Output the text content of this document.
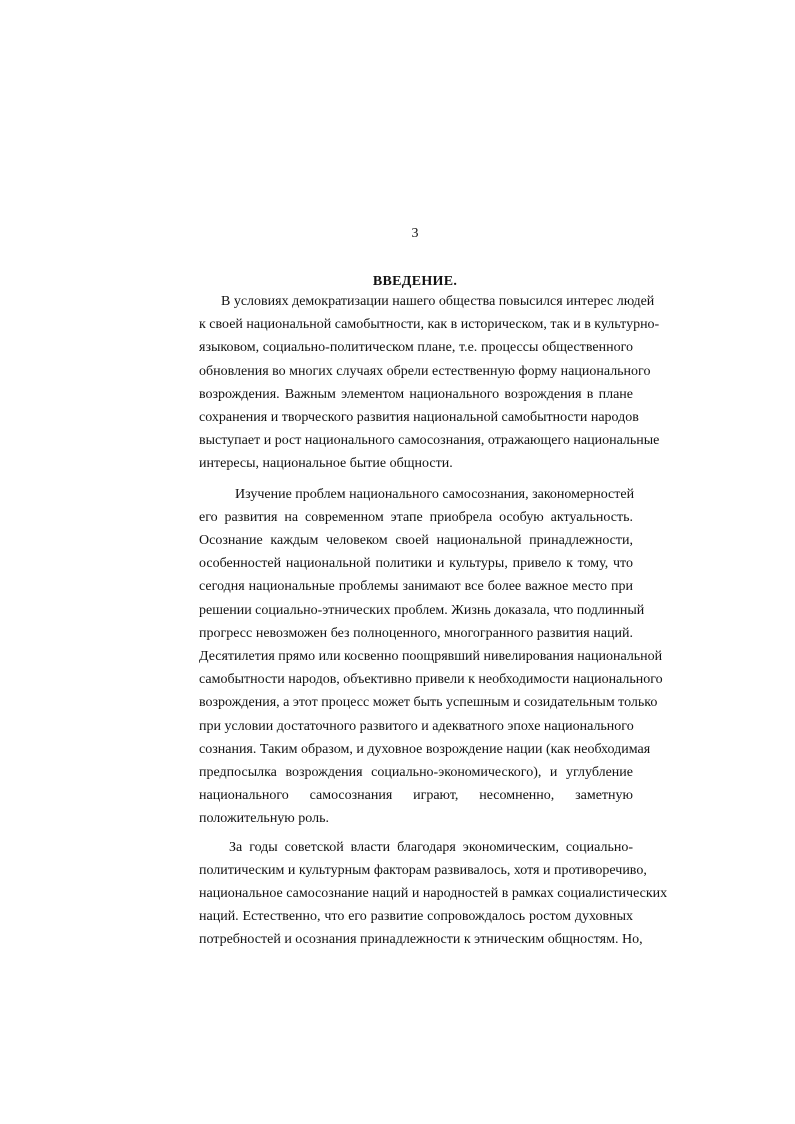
3
ВВЕДЕНИЕ.

В условиях демократизации нашего общества повысился интерес людей
к своей национальной самобытности, как в историческом, так и в культурно-
языковом, социально-политическом плане, т.е. процессы общественного
обновления во многих случаях обрели естественную форму национального
возрождения. Важным элементом национального возрождения в плане
сохранения и творческого развития национальной самобытности народов
выступает и рост национального самосознания, отражающего национальные
интересы, национальное бытие общности.

Изучение проблем национального самосознания, закономерностей
его развития на современном этапе приобрела особую актуальность.
Осознание каждым человеком своей национальной принадлежности,
особенностей национальной политики и культуры, привело к тому, что
сегодня национальные проблемы занимают все более важное место при
решении социально-этнических проблем. Жизнь доказала, что подлинный
прогресс невозможен без полноценного, многогранного развития наций.
Десятилетия прямо или косвенно поощрявший нивелирования национальной
самобытности народов, объективно привели к необходимости национального
возрождения, а этот процесс может быть успешным и созидательным только
при условии достаточного развитого и адекватного эпохе национального
сознания. Таким образом, и духовное возрождение нации (как необходимая
предпосылка возрождения социально-экономического), и углубление
национального самосознания играют, несомненно, заметную
положительную роль.

За годы советской власти благодаря экономическим, социально-
политическим и культурным факторам развивалось, хотя и противоречиво,
национальное самосознание наций и народностей в рамках социалистических
наций. Естественно, что его развитие сопровождалось ростом духовных
потребностей и осознания принадлежности к этническим общностям. Но,
